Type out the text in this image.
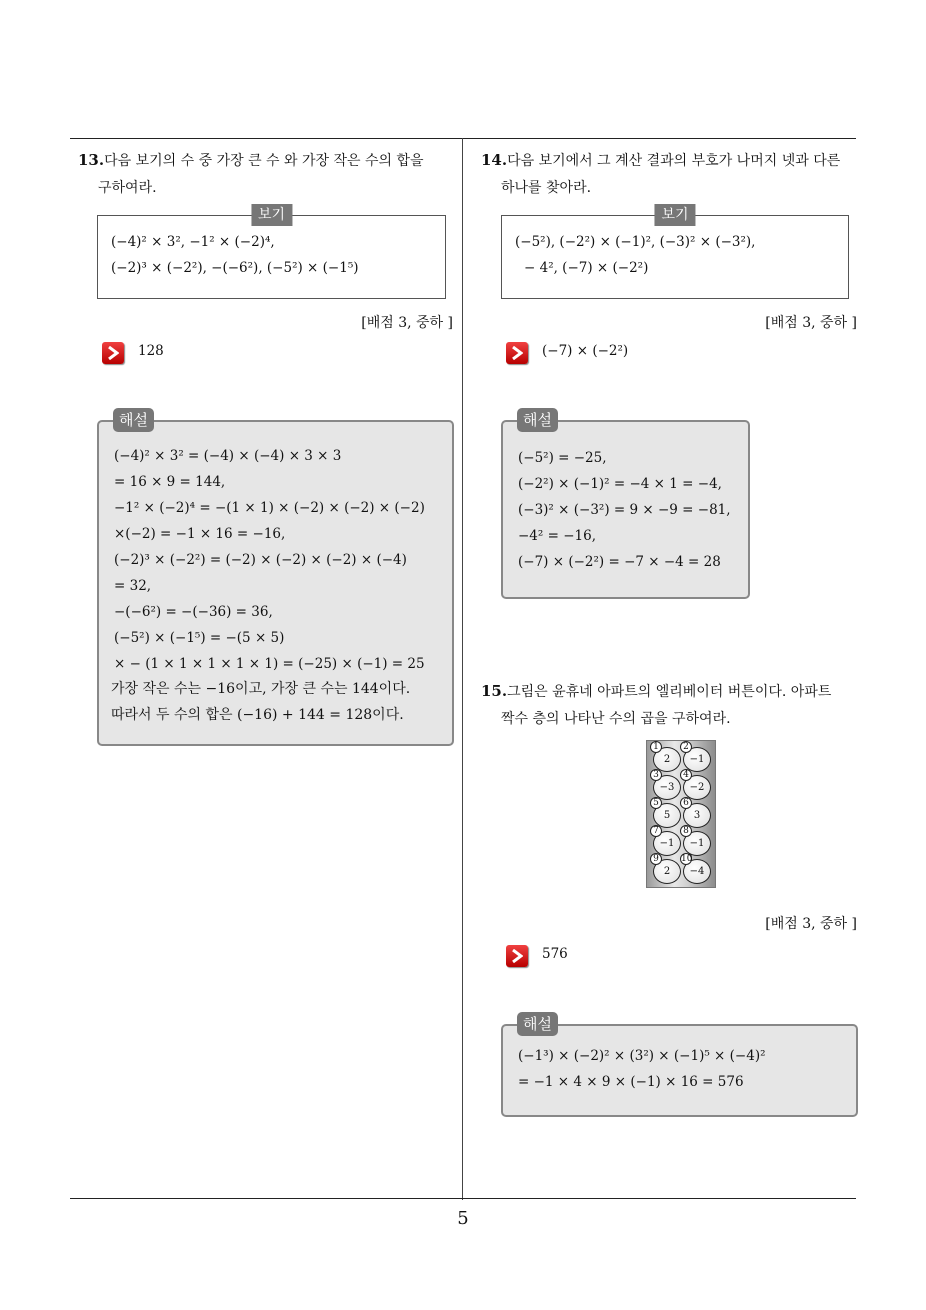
5
13.다음 보기의 수 중 가장 큰 수 와 가장 작은 수의 합을
구하여라.
보기
(−4)² × 3², −1² × (−2)⁴,
(−2)³ × (−2²), −(−6²), (−5²) × (−1⁵)
[배점 3, 중하 ]
128
해설
(−4)² × 3² = (−4) × (−4) × 3 × 3
= 16 × 9 = 144,
−1² × (−2)⁴ = −(1 × 1) × (−2) × (−2) × (−2)
×(−2) = −1 × 16 = −16,
(−2)³ × (−2²) = (−2) × (−2) × (−2) × (−4)
= 32,
−(−6²) = −(−36) = 36,
(−5²) × (−1⁵) = −(5 × 5)
× − (1 × 1 × 1 × 1 × 1) = (−25) × (−1) = 25
가장 작은 수는 −16이고, 가장 큰 수는 144이다.
따라서 두 수의 합은 (−16) + 144 = 128이다.
14.다음 보기에서 그 계산 결과의 부호가 나머지 넷과 다른
하나를 찾아라.
보기
(−5²), (−2²) × (−1)², (−3)² × (−3²),
− 4², (−7) × (−2²)
[배점 3, 중하 ]
(−7) × (−2²)
해설
(−5²) = −25,
(−2²) × (−1)² = −4 × 1 = −4,
(−3)² × (−3²) = 9 × −9 = −81,
−4² = −16,
(−7) × (−2²) = −7 × −4 = 28
15.그림은 윤휴네 아파트의 엘리베이터 버튼이다. 아파트
짝수 층의 나타난 수의 곱을 구하여라.
1
2
2
−1
3
−3
4
−2
5
5
6
3
7
−1
8
−1
9
2
10
−4
[배점 3, 중하 ]
576
해설
(−1³) × (−2)² × (3²) × (−1)⁵ × (−4)²
= −1 × 4 × 9 × (−1) × 16 = 576
